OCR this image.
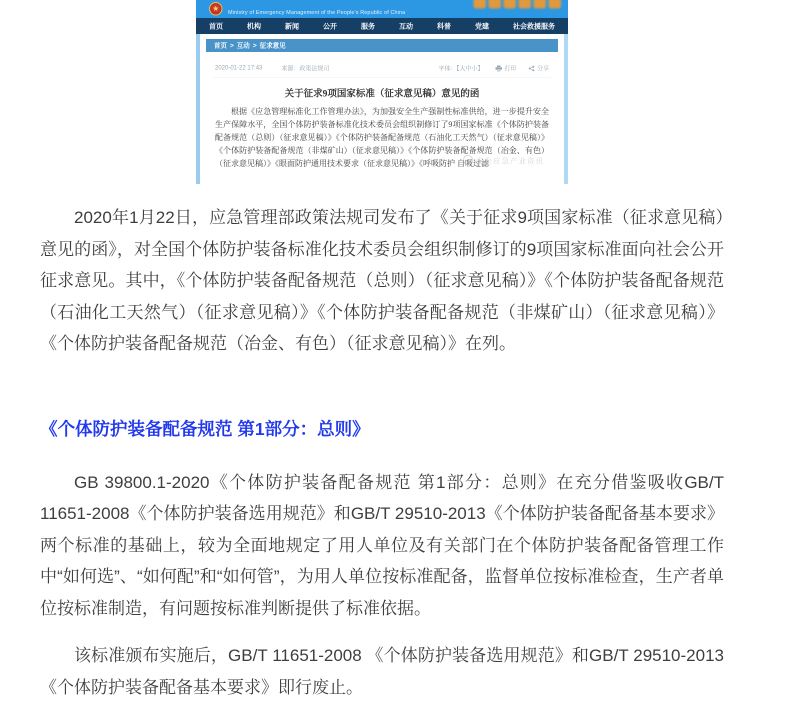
★ Ministry of Emergency Management of the People's Republic of China
首页 机构 新闻 公开 服务 互动 科普 党建 社会救援服务
首页 > 互动 > 征求意见
2020-01-22 17:43 来源：政策法规司	字体：【大中小】 打印 分享
关于征求9项国家标准（征求意见稿）意见的函
根据《应急管理标准化工作管理办法》，为加强安全生产强制性标准供给，进一步提升安全生产保障水平，全国个体防护装备标准化技术委员会组织制修订了9项国家标准《个体防护装备配备规范（总则）（征求意见稿）》《个体防护装备配备规范（石油化工天然气）（征求意见稿）》《个体防护装备配备规范（非煤矿山）（征求意见稿）》《个体防护装备配备规范（冶金、有色）（征求意见稿）》《眼面防护通用技术要求（征求意见稿）》《呼吸防护 自吸过滤
安全应急产业资讯

2020年1月22日，应急管理部政策法规司发布了《关于征求9项国家标准（征求意见稿）意见的函》，对全国个体防护装备标准化技术委员会组织制修订的9项国家标准面向社会公开征求意见。其中，《个体防护装备配备规范（总则）（征求意见稿）》《个体防护装备配备规范（石油化工天然气）（征求意见稿）》《个体防护装备配备规范（非煤矿山）（征求意见稿）》《个体防护装备配备规范（冶金、有色）（征求意见稿）》在列。

《个体防护装备配备规范 第1部分：总则》

GB 39800.1-2020《个体防护装备配备规范 第1部分：总则》在充分借鉴吸收GB/T 11651-2008《个体防护装备选用规范》和GB/T 29510-2013《个体防护装备配备基本要求》两个标准的基础上，较为全面地规定了用人单位及有关部门在个体防护装备配备管理工作中“如何选”、“如何配”和“如何管”，为用人单位按标准配备，监督单位按标准检查，生产者单位按标准制造，有问题按标准判断提供了标准依据。

该标准颁布实施后，GB/T 11651-2008 《个体防护装备选用规范》和GB/T 29510-2013 《个体防护装备配备基本要求》即行废止。
